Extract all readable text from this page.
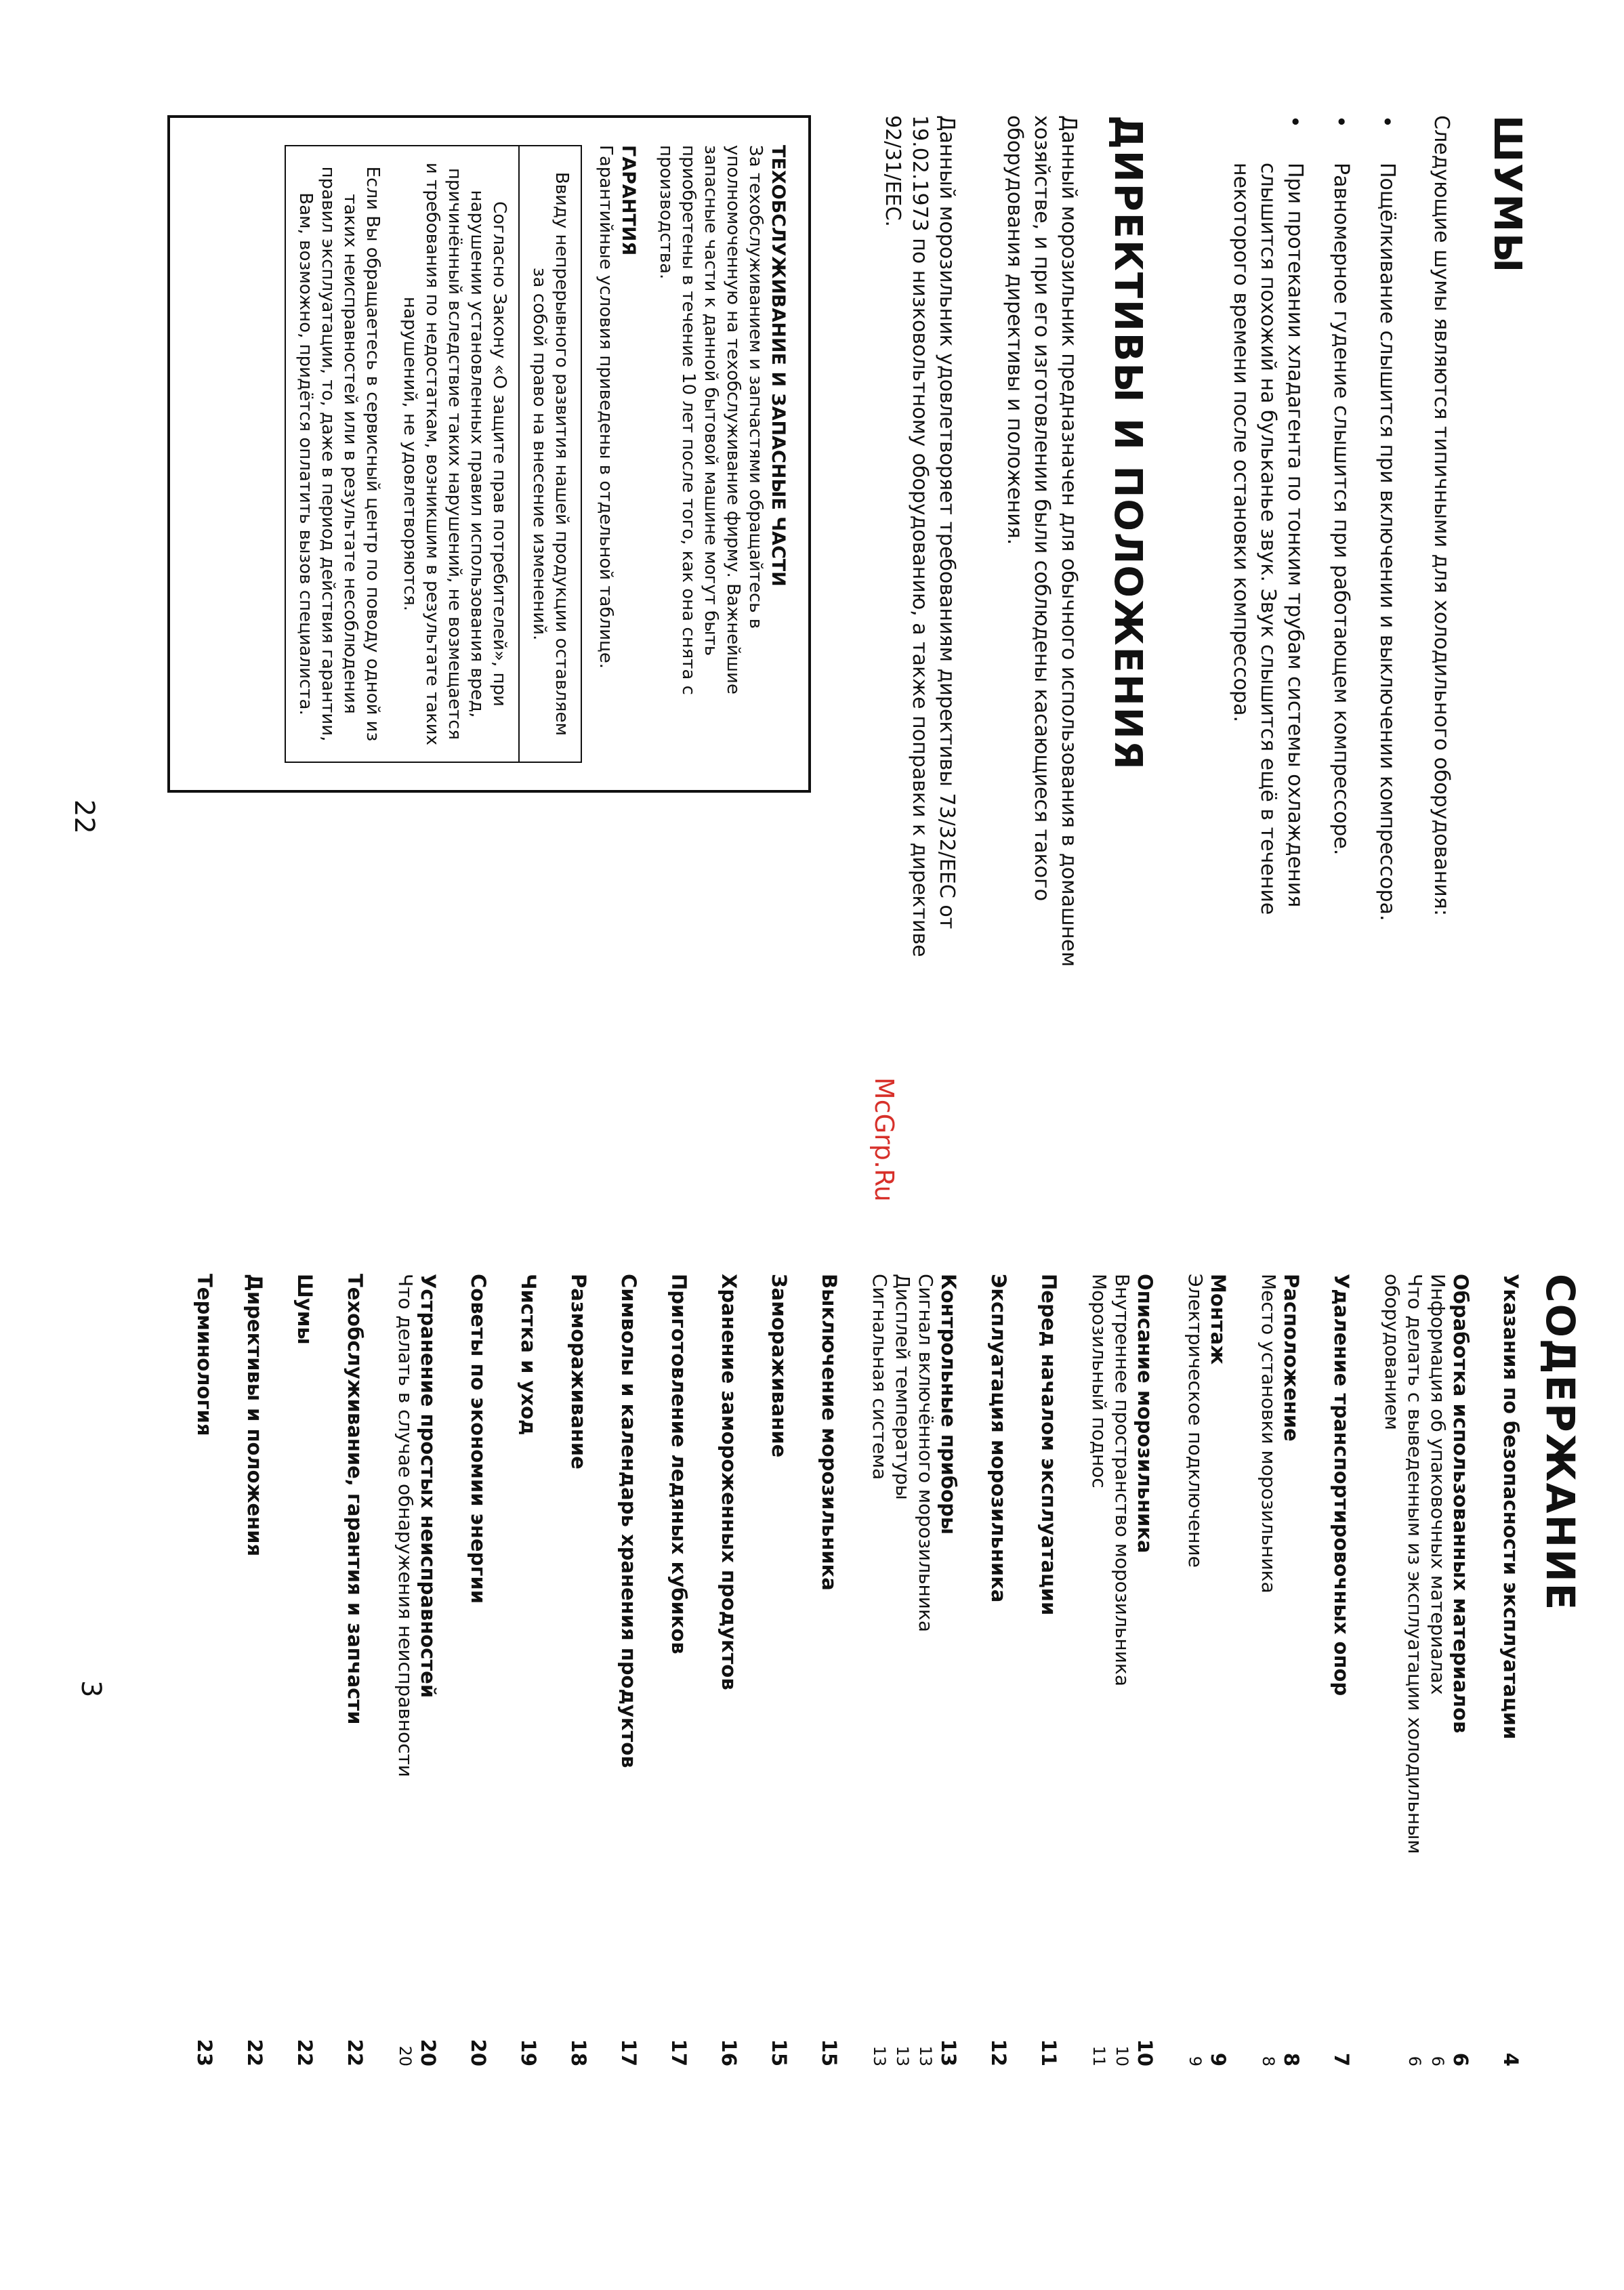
ШУМЫ
Следующие шумы являются типичными для холодильного оборудования:
•
Пощёлкивание слышится при включении и выключении компрессора.
•
Равномерное гудение слышится при работающем компрессоре.
•
При протекании хладагента по тонким трубам системы охлаждения слышится похожий на бульканье звук. Звук слышится ещё в течение некоторого времени после остановки компрессора.
ДИРЕКТИВЫ И ПОЛОЖЕНИЯ
Данный морозильник предназначен для обычного использования в домашнем хозяйстве, и при его изготовлении были соблюдены касающиеся такого оборудования директивы и положения.
Данный морозильник удовлетворяет требованиям директивы 73/32/EEC от 19.02.1973 по низковольтному оборудованию, а также поправки к директиве 92/31/EEC.
ТЕХОБСЛУЖИВАНИЕ И ЗАПАСНЫЕ ЧАСТИ
За техобслуживанием и запчастями обращайтесь в уполномоченную на техобслуживание фирму. Важнейшие запасные части к данной бытовой машине могут быть приобретены в течение 10 лет после того, как она снята с производства.
ГАРАНТИЯ
Гарантийные условия приведены в отдельной таблице.
Ввиду непрерывного развития нашей продукции оставляем за собой право на внесение изменений.
Согласно Закону «О защите прав потребителей», при нарушении установленных правил использования вред, причинённый вследствие таких нарушений, не возмещается и требования по недостаткам, возникшим в результате таких нарушений, не удовлетворяются.
Если Вы обращаетесь в сервисный центр по поводу одной из таких неисправностей или в результате несоблюдения правил эксплуатации, то, даже в период действия гарантии, Вам, возможно, придётся оплатить вызов специалиста.
22
McGrp.Ru
СОДЕРЖАНИЕ
Указания по безопасности эксплуатации
4
Обработка использованных материалов
6
Информация об упаковочных материалах
6
Что делать с выведенным из эксплуатации холодильным оборудованием
6
Удаление транспортировочных опор
7
Расположение
8
Место установки морозильника
8
Монтаж
9
Электрическое подключение
9
Описание морозильника
10
Внутреннее пространство морозильника
10
Морозильный поднос
11
Перед началом эксплуатации
11
Эксплуатация морозильника
12
Контрольные приборы
13
Сигнал включённого морозильника
13
Дисплей температуры
13
Сигнальная система
13
Выключение морозильника
15
Замораживание
15
Хранение замороженных продуктов
16
Приготовление ледяных кубиков
17
Символы и календарь хранения продуктов
17
Размораживание
18
Чистка и уход
19
Советы по экономии энергии
20
Устранение простых неисправностей
20
Что делать в случае обнаружения неисправности
20
Техобслуживание, гарантия и запчасти
22
Шумы
22
Директивы и положения
22
Терминология
23
3
